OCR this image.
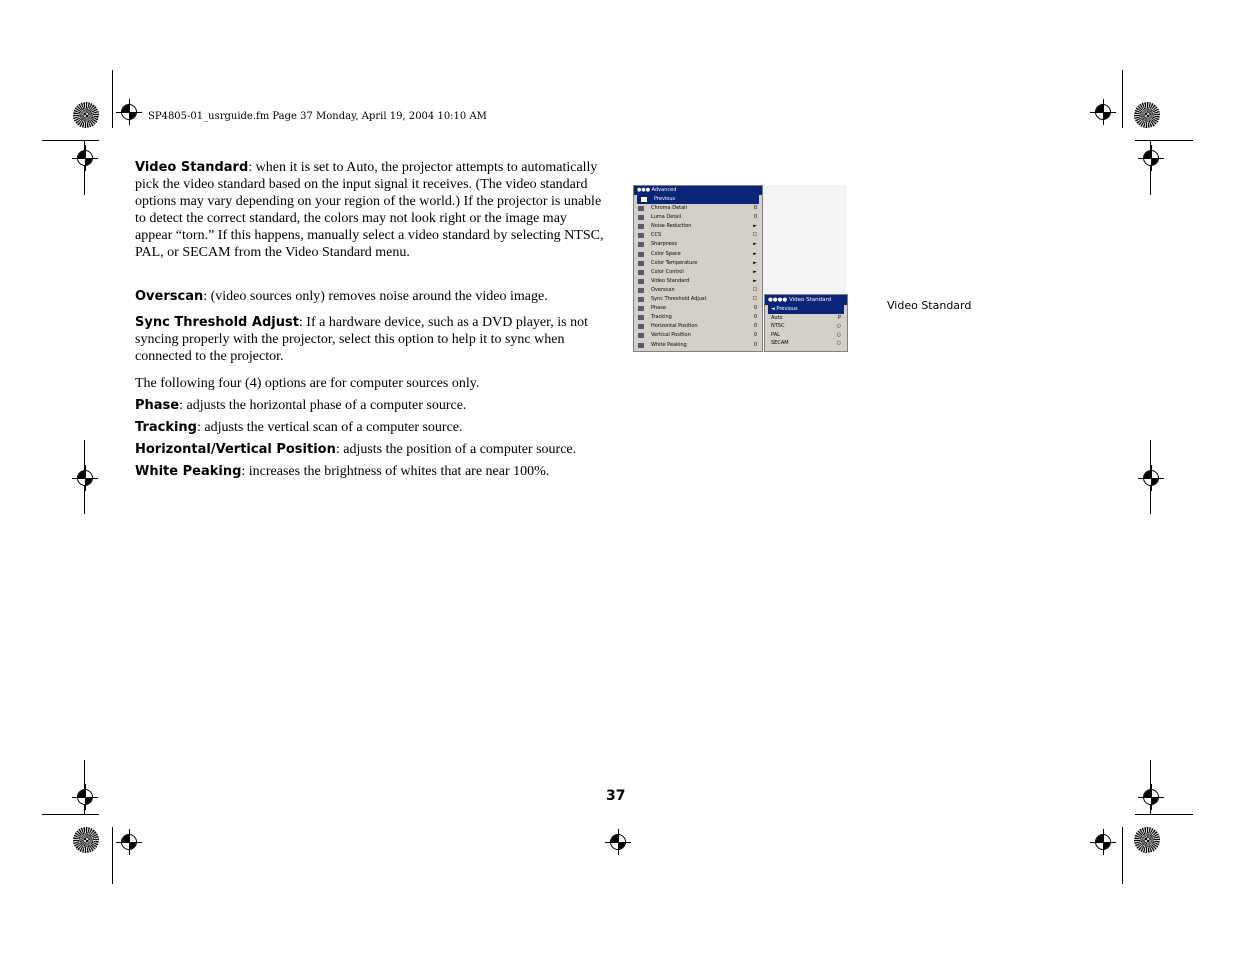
SP4805-01_usrguide.fm Page 37 Monday, April 19, 2004 10:10 AM
Video Standard: when it is set to Auto, the projector attempts to automatically pick the video standard based on the input signal it receives. (The video standard options may vary depending on your region of the world.) If the projector is unable to detect the correct standard, the colors may not look right or the image may appear “torn.” If this happens, manually select a video standard by selecting NTSC, PAL, or SECAM from the Video Standard menu.
Overscan: (video sources only) removes noise around the video image.
Sync Threshold Adjust: If a hardware device, such as a DVD player, is not syncing properly with the projector, select this option to help it to sync when connected to the projector.
The following four (4) options are for computer sources only.
Phase: adjusts the horizontal phase of a computer source.
Tracking: adjusts the vertical scan of a computer source.
Horizontal/Vertical Position: adjusts the position of a computer source.
White Peaking: increases the brightness of whites that are near 100%.
●●● Advanced
Previous
Chroma Detail	0
Luma Detail	0
Noise Reduction	►
CCS	☐
Sharpness	►
Color Space	►
Color Temperature	►
Color Control	►
Video Standard	►
Overscan	☐
Sync Threshold Adjust	☐
Phase	0
Tracking	0
Horizontal Position	0
Vertical Position	0
White Peaking	0
●●●● Video Standard
◄ Previous
Auto	P
NTSC	○
PAL	○
SECAM	○
Video Standard
37
